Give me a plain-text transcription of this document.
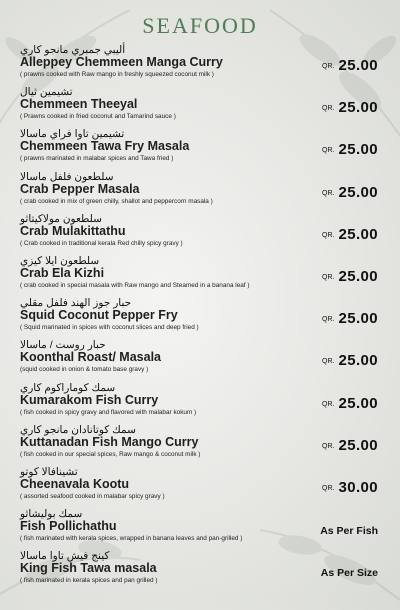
SEAFOOD
أليبي جمبري مانجو كاري
Alleppey Chemmeen Manga Curry
( prawns cooked with Raw mango in freshly squeezed coconut milk )
QR. 25.00
تشيمين ثيال
Chemmeen Theeyal
( Prawns cooked in fried coconut and Tamarind sauce )
QR. 25.00
تشيمين تاوا فراي ماسالا
Chemmeen Tawa Fry Masala
( prawns marinated in malabar spices and Tawa fried )
QR. 25.00
سلطعون فلفل ماسالا
Crab Pepper Masala
( crab cooked in mix of green chilly, shallot and peppercorn masala )
QR. 25.00
سلطعون مولاكيتاثو
Crab Mulakittathu
( Crab cooked in traditional kerala Red chilly spicy gravy )
QR. 25.00
سلطعون ايلا كيزي
Crab Ela Kizhi
( crab cooked in special masala with Raw mango and Steamed in a banana leaf )
QR. 25.00
حبار جوز الهند فلفل مقلي
Squid Coconut Pepper Fry
( Squid marinated in spices with coconut slices and deep fried )
QR. 25.00
حبار روست / ماسالا
Koonthal Roast/ Masala
(squid cooked in onion & tomato base gravy )
QR. 25.00
سمك كوماراكوم كاري
Kumarakom Fish Curry
( fish cooked in spicy gravy and flavored with malabar kokum )
QR. 25.00
سمك كوتانادان مانجو كاري
Kuttanadan Fish Mango Curry
( fish cooked in our special spices, Raw mango & coconut milk )
QR. 25.00
تشينافالا كوتو
Cheenavala Kootu
( assorted seafood cooked in malabar spicy gravy )
QR. 30.00
سمك بوليشاثو
Fish Pollichathu
( fish marinated with kerala spices, wrapped in banana leaves and pan-grilled )
As Per Fish
كينج فيش تاوا ماسالا
King Fish Tawa masala
( fish marinated in kerala spices and pan grilled )
As Per Size
